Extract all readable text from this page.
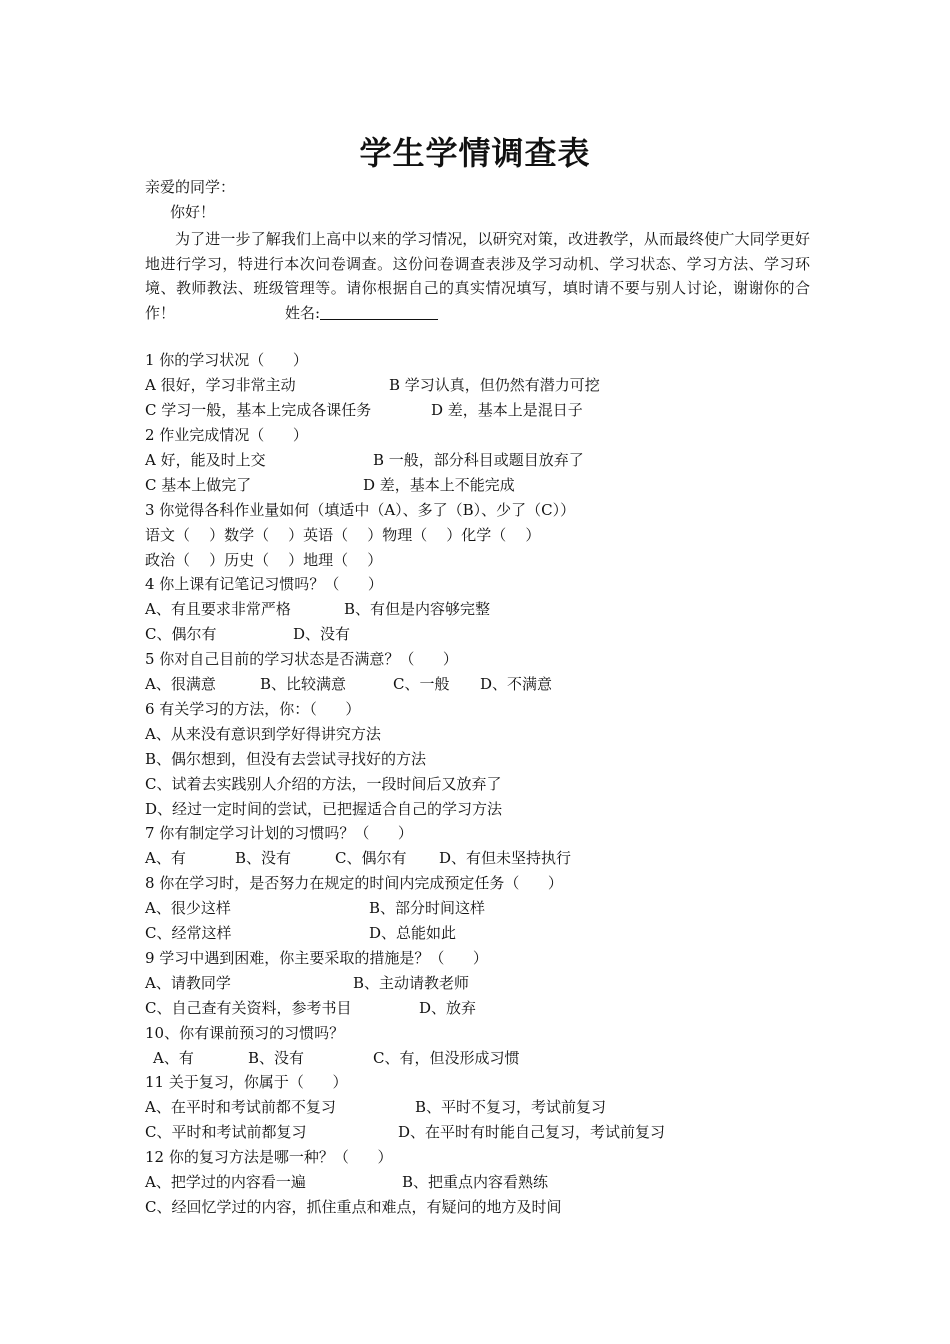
学生学情调查表
亲爱的同学：
你好！
为了进一步了解我们上高中以来的学习情况，以研究对策，改进教学，从而最终使广大同学更好地进行学习，特进行本次问卷调查。这份问卷调查表涉及学习动机、学习状态、学习方法、学习环境、教师教法、班级管理等。请你根据自己的真实情况填写，填时请不要与别人讨论，谢谢你的合作！	姓名:
1 你的学习状况（      ）
A 很好，学习非常主动	B 学习认真，但仍然有潜力可挖
C 学习一般，基本上完成各课任务	D 差，基本上是混日子
2 作业完成情况（      ）
A 好，能及时上交	B 一般，部分科目或题目放弃了
C 基本上做完了	D 差，基本上不能完成
3 你觉得各科作业量如何（填适中（A）、多了（B）、少了（C））
语文（    ）数学（    ）英语（    ）物理（    ）化学（    ）
政治（    ）历史（    ）地理（    ）
4 你上课有记笔记习惯吗？（      ）
A、有且要求非常严格	B、有但是内容够完整
C、偶尔有	D、没有
5 你对自己目前的学习状态是否满意？（      ）
A、很满意	B、比较满意	C、一般 D、不满意
6 有关学习的方法，你：（      ）
A、从来没有意识到学好得讲究方法
B、偶尔想到，但没有去尝试寻找好的方法
C、试着去实践别人介绍的方法，一段时间后又放弃了
D、经过一定时间的尝试，已把握适合自己的学习方法
7 你有制定学习计划的习惯吗？（      ）
A、有	B、没有	C、偶尔有 D、有但未坚持执行
8 你在学习时，是否努力在规定的时间内完成预定任务（      ）
A、很少这样	B、部分时间这样
C、经常这样	D、总能如此
9 学习中遇到困难，你主要采取的措施是？（      ）
A、请教同学	B、主动请教老师
C、自己查有关资料，参考书目	D、放弃
10、你有课前预习的习惯吗？
A、有	B、没有	C、有，但没形成习惯
11 关于复习，你属于（      ）
A、在平时和考试前都不复习	B、平时不复习，考试前复习
C、平时和考试前都复习	D、在平时有时能自己复习，考试前复习
12 你的复习方法是哪一种？（      ）
A、把学过的内容看一遍	B、把重点内容看熟练
C、经回忆学过的内容，抓住重点和难点，有疑问的地方及时间
